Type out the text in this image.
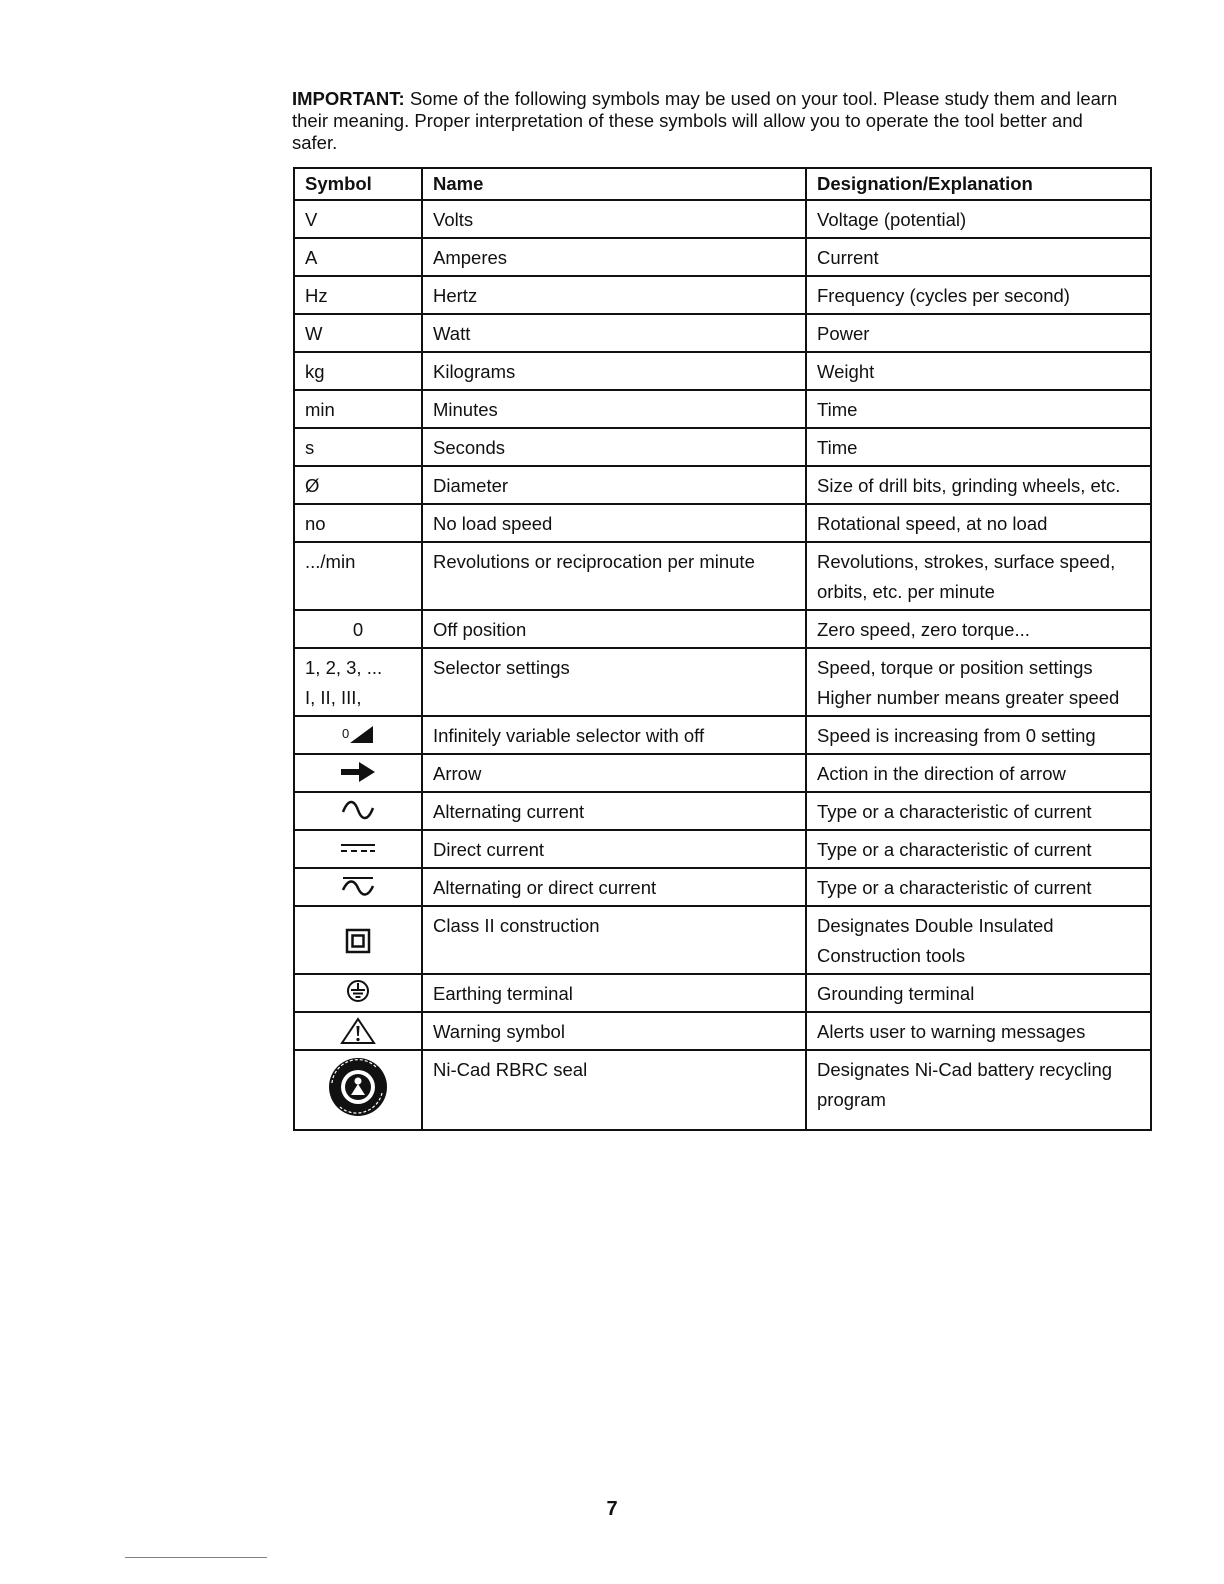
IMPORTANT: Some of the following symbols may be used on your tool. Please study them and learn their meaning. Proper interpretation of these symbols will allow you to operate the tool better and safer.
Symbol	Name	Designation/Explanation
V	Volts	Voltage (potential)
A	Amperes	Current
Hz	Hertz	Frequency (cycles per second)
W	Watt	Power
kg	Kilograms	Weight
min	Minutes	Time
s	Seconds	Time
Ø	Diameter	Size of drill bits, grinding wheels, etc.
no	No load speed	Rotational speed, at no load
.../min	Revolutions or reciprocation per minute	Revolutions, strokes, surface speed, orbits, etc. per minute
0	Off position	Zero speed, zero torque...
1, 2, 3, ...
I, II, III,	Selector settings	Speed, torque or position settings Higher number means greater speed

0	Infinitely variable selector with off	Speed is increasing from 0 setting

	Arrow	Action in the direction of arrow

	Alternating current	Type or a characteristic of current

	Direct current	Type or a characteristic of current

	Alternating or direct current	Type or a characteristic of current

	Class II construction	Designates Double Insulated Construction tools

	Earthing terminal	Grounding terminal

	Warning symbol	Alerts user to warning messages

	Ni-Cad RBRC seal	Designates Ni-Cad battery recycling program
7
